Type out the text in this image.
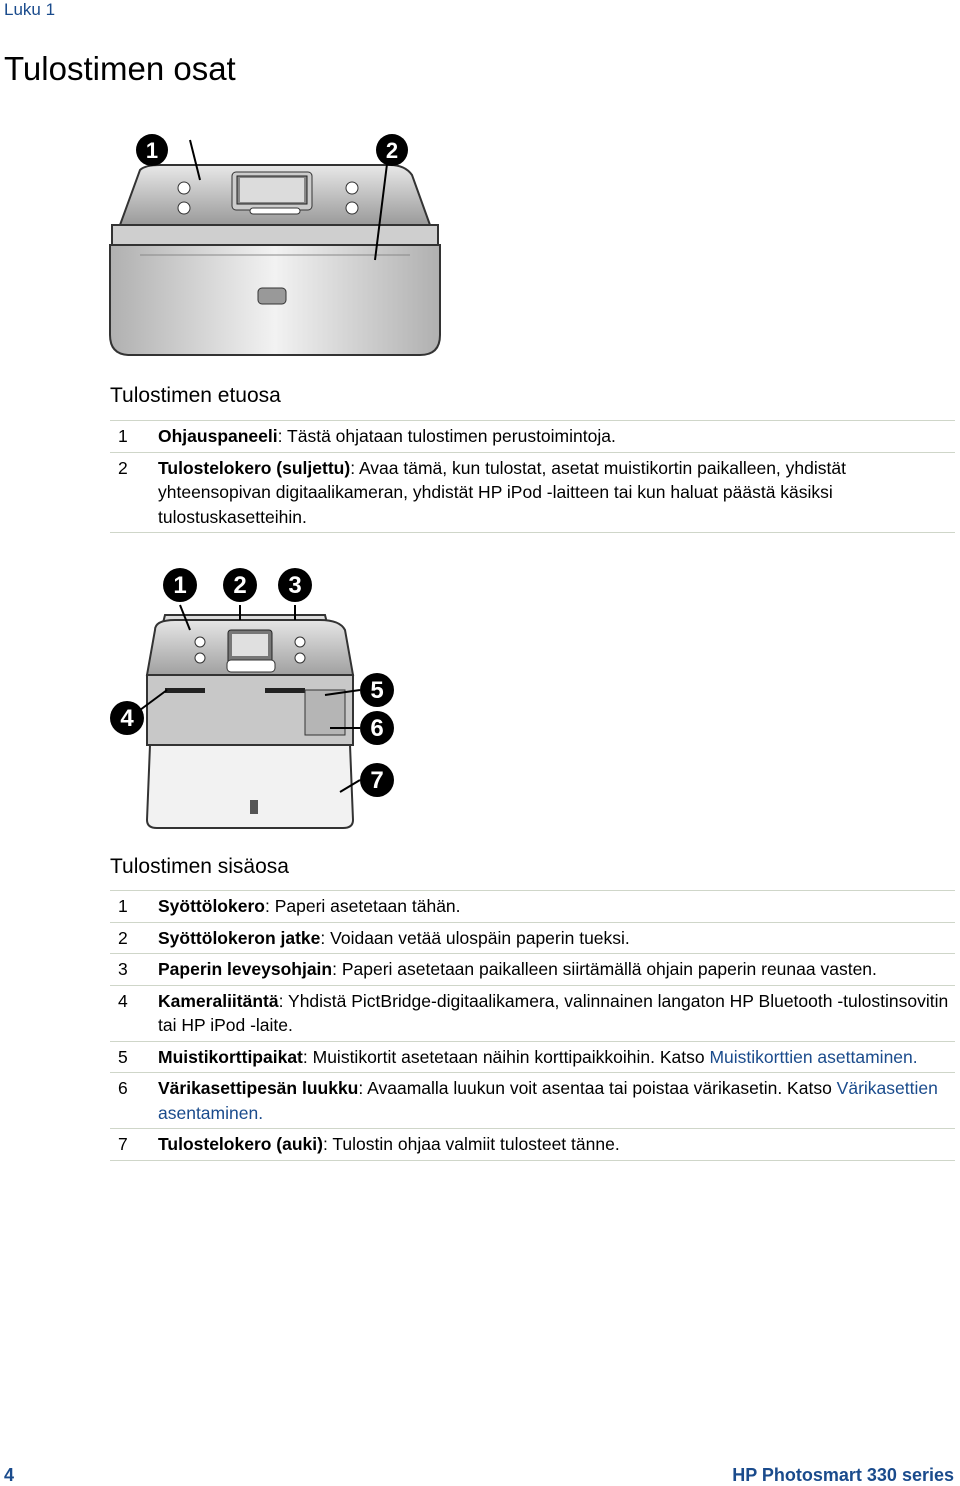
Luku 1
Tulostimen osat
1	2
Tulostimen etuosa
1	Ohjauspaneeli: Tästä ohjataan tulostimen perustoimintoja.
2	Tulostelokero (suljettu): Avaa tämä, kun tulostat, asetat muistikortin paikalleen, yhdistät yhteensopivan digitaalikameran, yhdistät HP iPod -laitteen tai kun haluat päästä käsiksi tulostuskasetteihin.
1 2 3
4
5
6
7
Tulostimen sisäosa
1	Syöttölokero: Paperi asetetaan tähän.
2	Syöttölokeron jatke: Voidaan vetää ulospäin paperin tueksi.
3	Paperin leveysohjain: Paperi asetetaan paikalleen siirtämällä ohjain paperin reunaa vasten.
4	Kameraliitäntä: Yhdistä PictBridge-digitaalikamera, valinnainen langaton HP Bluetooth -tulostinsovitin tai HP iPod -laite.
5	Muistikorttipaikat: Muistikortit asetetaan näihin korttipaikkoihin. Katso Muistikorttien asettaminen.
6	Värikasettipesän luukku: Avaamalla luukun voit asentaa tai poistaa värikasetin. Katso Värikasettien asentaminen.
7	Tulostelokero (auki): Tulostin ohjaa valmiit tulosteet tänne.
4	HP Photosmart 330 series
